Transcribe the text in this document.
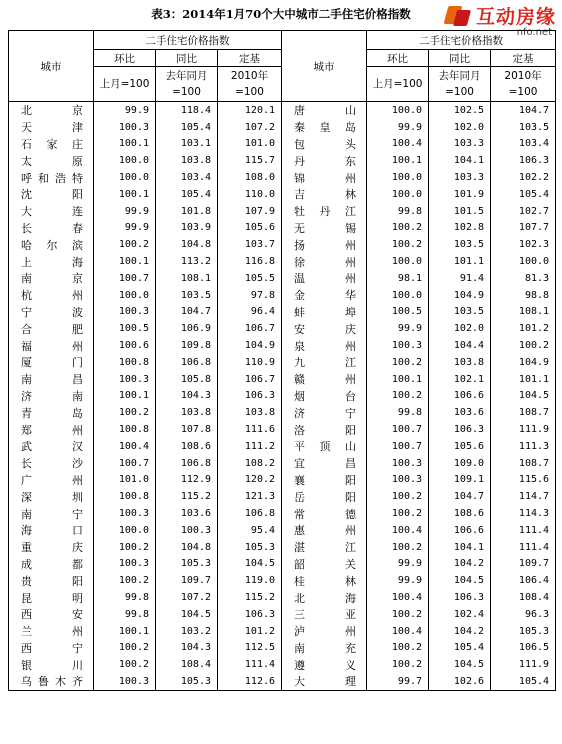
表3：2014年1月70个大中城市二手住宅价格指数	互动房缘
nfo.net
城市	二手住宅价格指数			城市	二手住宅价格指数		
	环比	同比	定基		环比	同比	定基
	上月=100	去年同月=100	2010年=100		上月=100	去年同月=100	2010年=100
北京	99.9	118.4	120.1	唐山	100.0	102.5	104.7
天津	100.3	105.4	107.2	秦皇岛	99.9	102.0	103.5
石家庄	100.1	103.1	101.0	包头	100.4	103.3	103.4
太原	100.0	103.8	115.7	丹东	100.1	104.1	106.3
呼和浩特	100.0	103.4	108.0	锦州	100.0	103.3	102.2
沈阳	100.1	105.4	110.0	吉林	100.0	101.9	105.4
大连	99.9	101.8	107.9	牡丹江	99.8	101.5	102.7
长春	99.9	103.9	105.6	无锡	100.2	102.8	107.7
哈尔滨	100.2	104.8	103.7	扬州	100.2	103.5	102.3
上海	100.1	113.2	116.8	徐州	100.0	101.1	100.0
南京	100.7	108.1	105.5	温州	98.1	91.4	81.3
杭州	100.0	103.5	97.8	金华	100.0	104.9	98.8
宁波	100.3	104.7	96.4	蚌埠	100.5	103.5	108.1
合肥	100.5	106.9	106.7	安庆	99.9	102.0	101.2
福州	100.6	109.8	104.9	泉州	100.3	104.4	100.2
厦门	100.8	106.8	110.9	九江	100.2	103.8	104.9
南昌	100.3	105.8	106.7	赣州	100.1	102.1	101.1
济南	100.1	104.3	106.3	烟台	100.2	106.6	104.5
青岛	100.2	103.8	103.8	济宁	99.8	103.6	108.7
郑州	100.8	107.8	111.6	洛阳	100.7	106.3	111.9
武汉	100.4	108.6	111.2	平顶山	100.7	105.6	111.3
长沙	100.7	106.8	108.2	宜昌	100.3	109.0	108.7
广州	101.0	112.9	120.2	襄阳	100.3	109.1	115.6
深圳	100.8	115.2	121.3	岳阳	100.2	104.7	114.7
南宁	100.3	103.6	106.8	常德	100.2	108.6	114.3
海口	100.0	100.3	95.4	惠州	100.4	106.6	111.4
重庆	100.2	104.8	105.3	湛江	100.2	104.1	111.4
成都	100.3	105.3	104.5	韶关	99.9	104.2	109.7
贵阳	100.2	109.7	119.0	桂林	99.9	104.5	106.4
昆明	99.8	107.2	115.2	北海	100.4	106.3	108.4
西安	99.8	104.5	106.3	三亚	100.2	102.4	96.3
兰州	100.1	103.2	101.2	泸州	100.4	104.2	105.3
西宁	100.2	104.3	112.5	南充	100.2	105.4	106.5
银川	100.2	108.4	111.4	遵义	100.2	104.5	111.9
乌鲁木齐	100.3	105.3	112.6	大理	99.7	102.6	105.4
